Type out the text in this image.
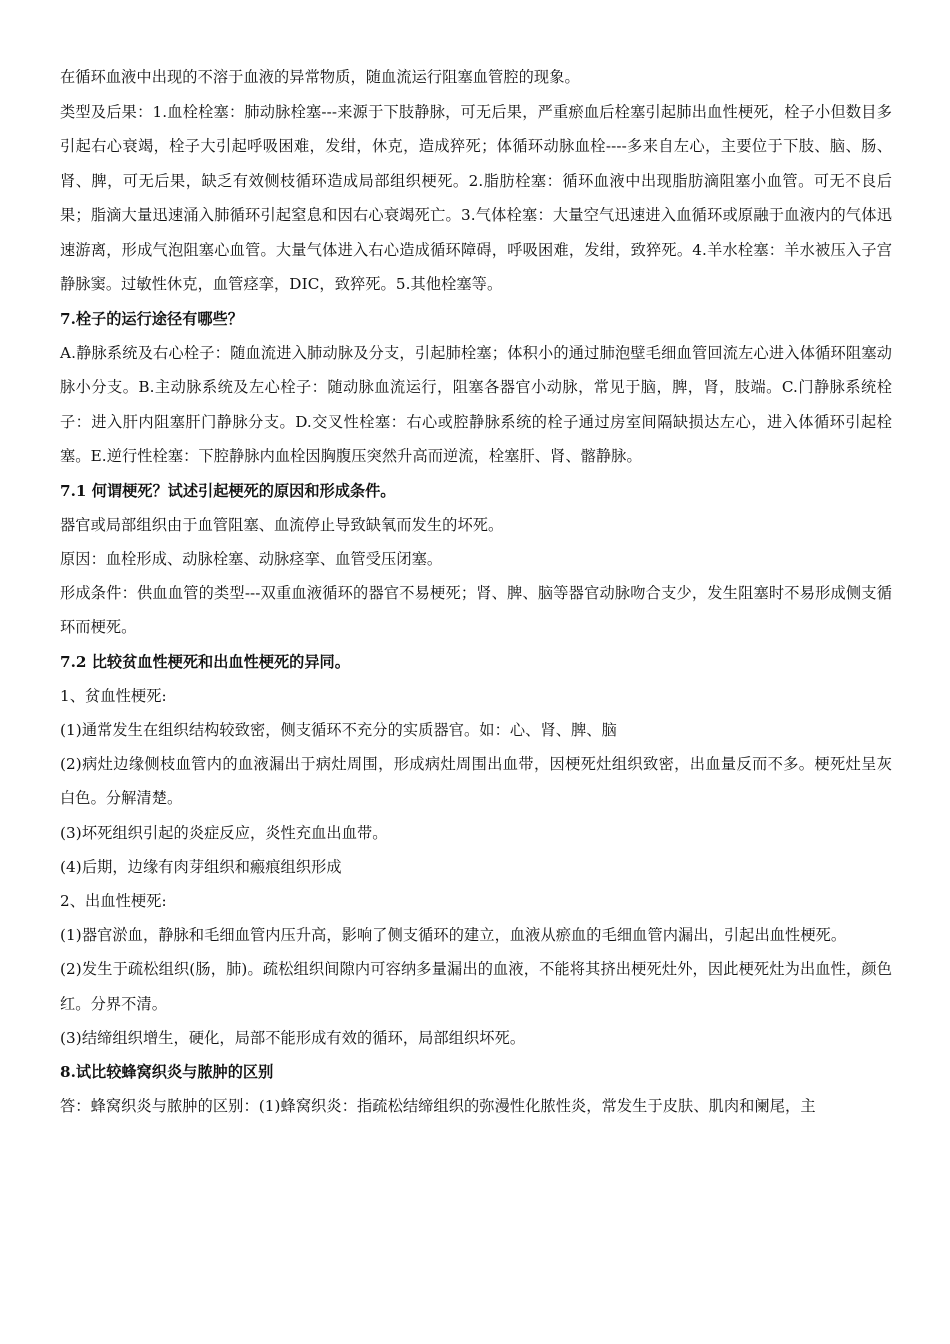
在循环血液中出现的不溶于血液的异常物质，随血流运行阻塞血管腔的现象。

类型及后果：1.血栓栓塞：肺动脉栓塞---来源于下肢静脉，可无后果，严重瘀血后栓塞引起肺出血性梗死，栓子小但数目多引起右心衰竭，栓子大引起呼吸困难，发绀，休克，造成猝死；体循环动脉血栓----多来自左心，主要位于下肢、脑、肠、肾、脾，可无后果，缺乏有效侧枝循环造成局部组织梗死。2.脂肪栓塞：循环血液中出现脂肪滴阻塞小血管。可无不良后果；脂滴大量迅速涌入肺循环引起窒息和因右心衰竭死亡。3.气体栓塞：大量空气迅速进入血循环或原融于血液内的气体迅速游离，形成气泡阻塞心血管。大量气体进入右心造成循环障碍，呼吸困难，发绀，致猝死。4.羊水栓塞：羊水被压入子宫静脉窦。过敏性休克，血管痉挛，DIC，致猝死。5.其他栓塞等。

7.栓子的运行途径有哪些？

A.静脉系统及右心栓子：随血流进入肺动脉及分支，引起肺栓塞；体积小的通过肺泡壁毛细血管回流左心进入体循环阻塞动脉小分支。B.主动脉系统及左心栓子：随动脉血流运行，阻塞各器官小动脉，常见于脑，脾，肾，肢端。C.门静脉系统栓子：进入肝内阻塞肝门静脉分支。D.交叉性栓塞：右心或腔静脉系统的栓子通过房室间隔缺损达左心，进入体循环引起栓塞。E.逆行性栓塞：下腔静脉内血栓因胸腹压突然升高而逆流，栓塞肝、肾、髂静脉。

7.1 何谓梗死？试述引起梗死的原因和形成条件。

器官或局部组织由于血管阻塞、血流停止导致缺氧而发生的坏死。

原因：血栓形成、动脉栓塞、动脉痉挛、血管受压闭塞。

形成条件：供血血管的类型---双重血液循环的器官不易梗死；肾、脾、脑等器官动脉吻合支少，发生阻塞时不易形成侧支循环而梗死。

7.2 比较贫血性梗死和出血性梗死的异同。

1、贫血性梗死:

(1)通常发生在组织结构较致密，侧支循环不充分的实质器官。如：心、肾、脾、脑

(2)病灶边缘侧枝血管内的血液漏出于病灶周围，形成病灶周围出血带，因梗死灶组织致密，出血量反而不多。梗死灶呈灰白色。分解清楚。

(3)坏死组织引起的炎症反应，炎性充血出血带。

(4)后期，边缘有肉芽组织和瘢痕组织形成

2、出血性梗死:

(1)器官淤血，静脉和毛细血管内压升高，影响了侧支循环的建立，血液从瘀血的毛细血管内漏出，引起出血性梗死。

(2)发生于疏松组织(肠，肺)。疏松组织间隙内可容纳多量漏出的血液，不能将其挤出梗死灶外，因此梗死灶为出血性，颜色红。分界不清。

(3)结缔组织增生，硬化，局部不能形成有效的循环，局部组织坏死。

8.试比较蜂窝织炎与脓肿的区别

答：蜂窝织炎与脓肿的区别：(1)蜂窝织炎：指疏松结缔组织的弥漫性化脓性炎，常发生于皮肤、肌肉和阑尾，主
